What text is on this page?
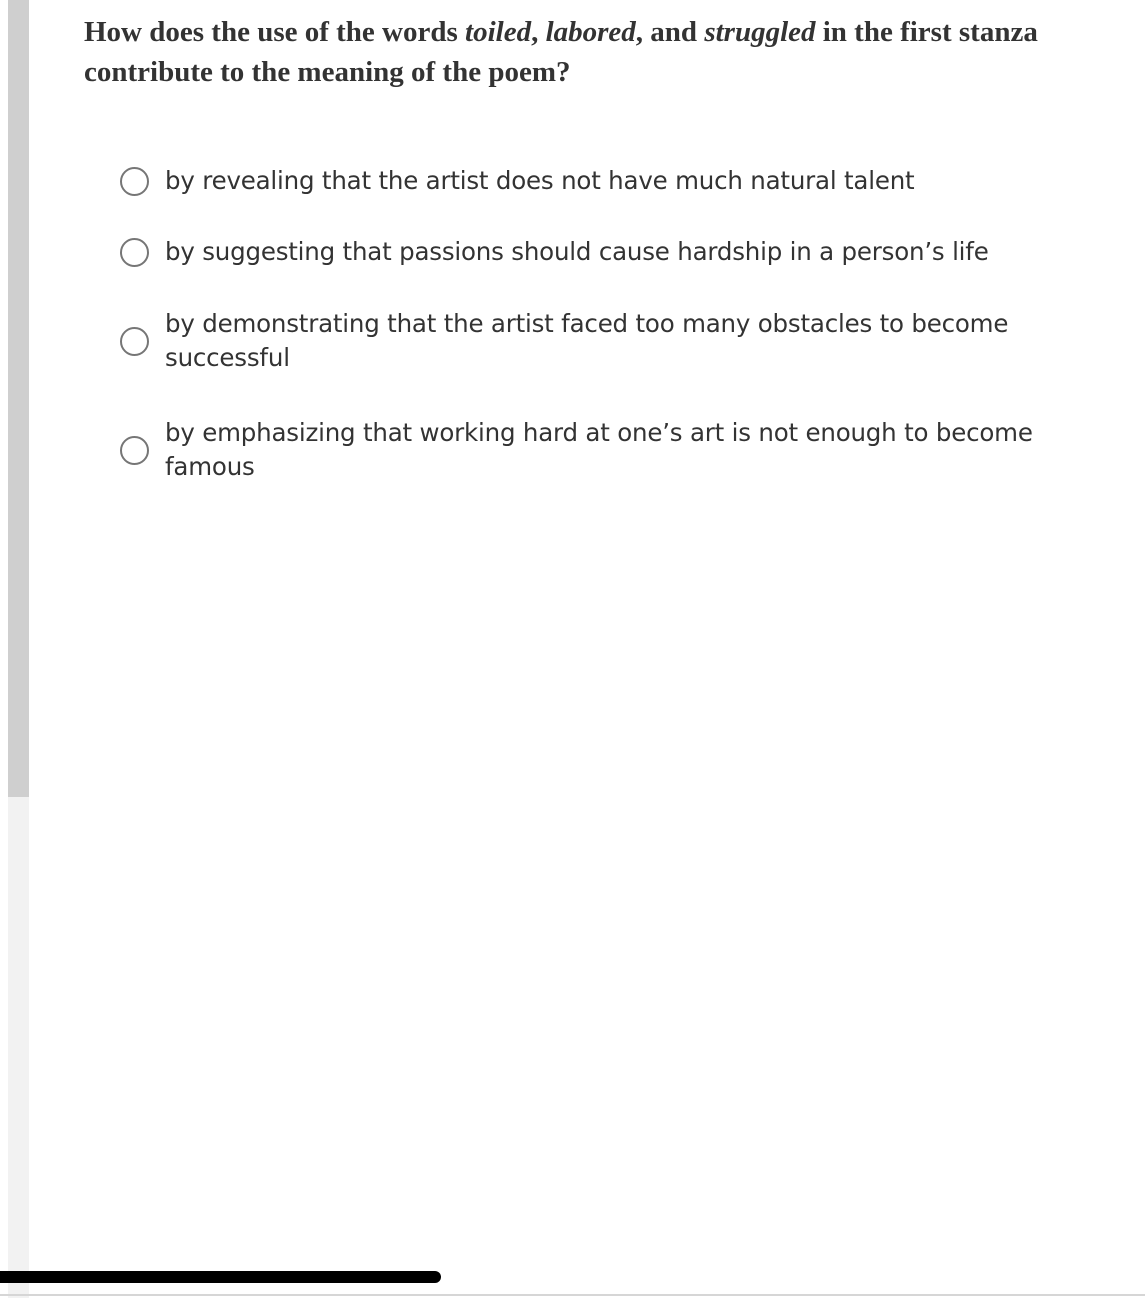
How does the use of the words toiled, labored, and struggled in the first stanza contribute to the meaning of the poem?

by revealing that the artist does not have much natural talent
by suggesting that passions should cause hardship in a person’s life
by demonstrating that the artist faced too many obstacles to become successful
by emphasizing that working hard at one’s art is not enough to become famous
